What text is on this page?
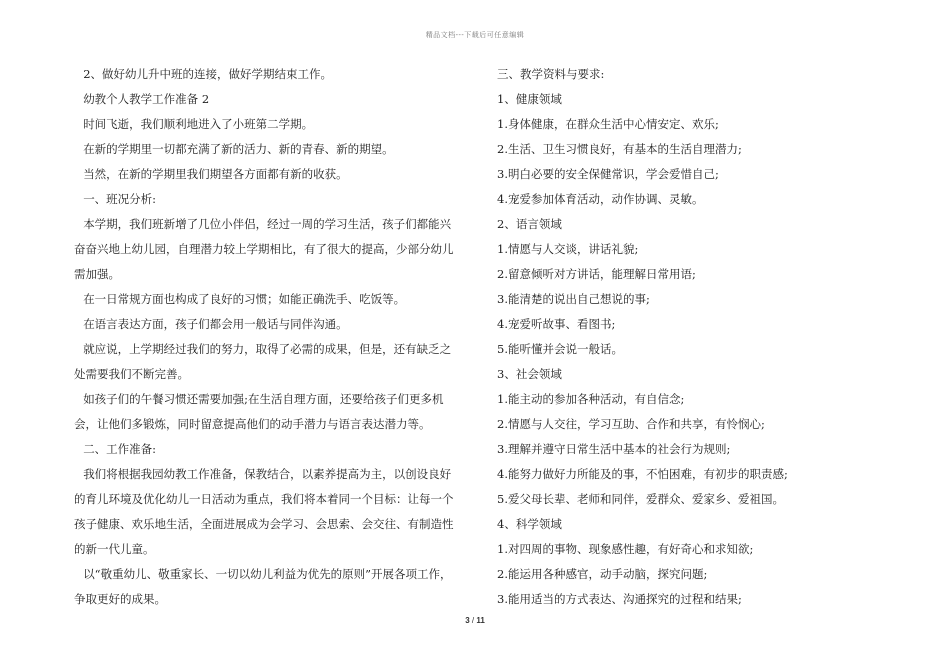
精品文档---下载后可任意编辑

2、做好幼儿升中班的连接，做好学期结束工作。

幼教个人教学工作准备 2

时间飞逝，我们顺利地进入了小班第二学期。

在新的学期里一切都充满了新的活力、新的青春、新的期望。

当然，在新的学期里我们期望各方面都有新的收获。

一、班况分析:

本学期，我们班新增了几位小伴侣，经过一周的学习生活，孩子们都能兴奋奋兴地上幼儿园，自理潜力较上学期相比，有了很大的提高，少部分幼儿需加强。

在一日常规方面也构成了良好的习惯；如能正确洗手、吃饭等。

在语言表达方面，孩子们都会用一般话与同伴沟通。

就应说，上学期经过我们的努力，取得了必需的成果，但是，还有缺乏之处需要我们不断完善。

如孩子们的午餐习惯还需要加强;在生活自理方面，还要给孩子们更多机会，让他们多锻炼，同时留意提高他们的动手潜力与语言表达潜力等。

二、工作准备:

我们将根据我园幼教工作准备，保教结合，以素养提高为主，以创设良好的育儿环境及优化幼儿一日活动为重点，我们将本着同一个目标：让每一个孩子健康、欢乐地生活，全面进展成为会学习、会思索、会交往、有制造性的新一代儿童。

以“敬重幼儿、敬重家长、一切以幼儿利益为优先的原则”开展各项工作，争取更好的成果。

三、教学资料与要求:

1、健康领域

1.身体健康，在群众生活中心情安定、欢乐;

2.生活、卫生习惯良好，有基本的生活自理潜力;

3.明白必要的安全保健常识，学会爱惜自己;

4.宠爱参加体育活动，动作协调、灵敏。

2、语言领域

1.情愿与人交谈，讲话礼貌;

2.留意倾听对方讲话，能理解日常用语;

3.能清楚的说出自己想说的事;

4.宠爱听故事、看图书;

5.能听懂并会说一般话。

3、社会领域

1.能主动的参加各种活动，有自信念;

2.情愿与人交往，学习互助、合作和共享，有怜悯心;

3.理解并遵守日常生活中基本的社会行为规则;

4.能努力做好力所能及的事，不怕困难，有初步的职责感;

5.爱父母长辈、老师和同伴，爱群众、爱家乡、爱祖国。

4、科学领域

1.对四周的事物、现象感性趣，有好奇心和求知欲;

2.能运用各种感官，动手动脑，探究问题;

3.能用适当的方式表达、沟通探究的过程和结果;

3 / 11
